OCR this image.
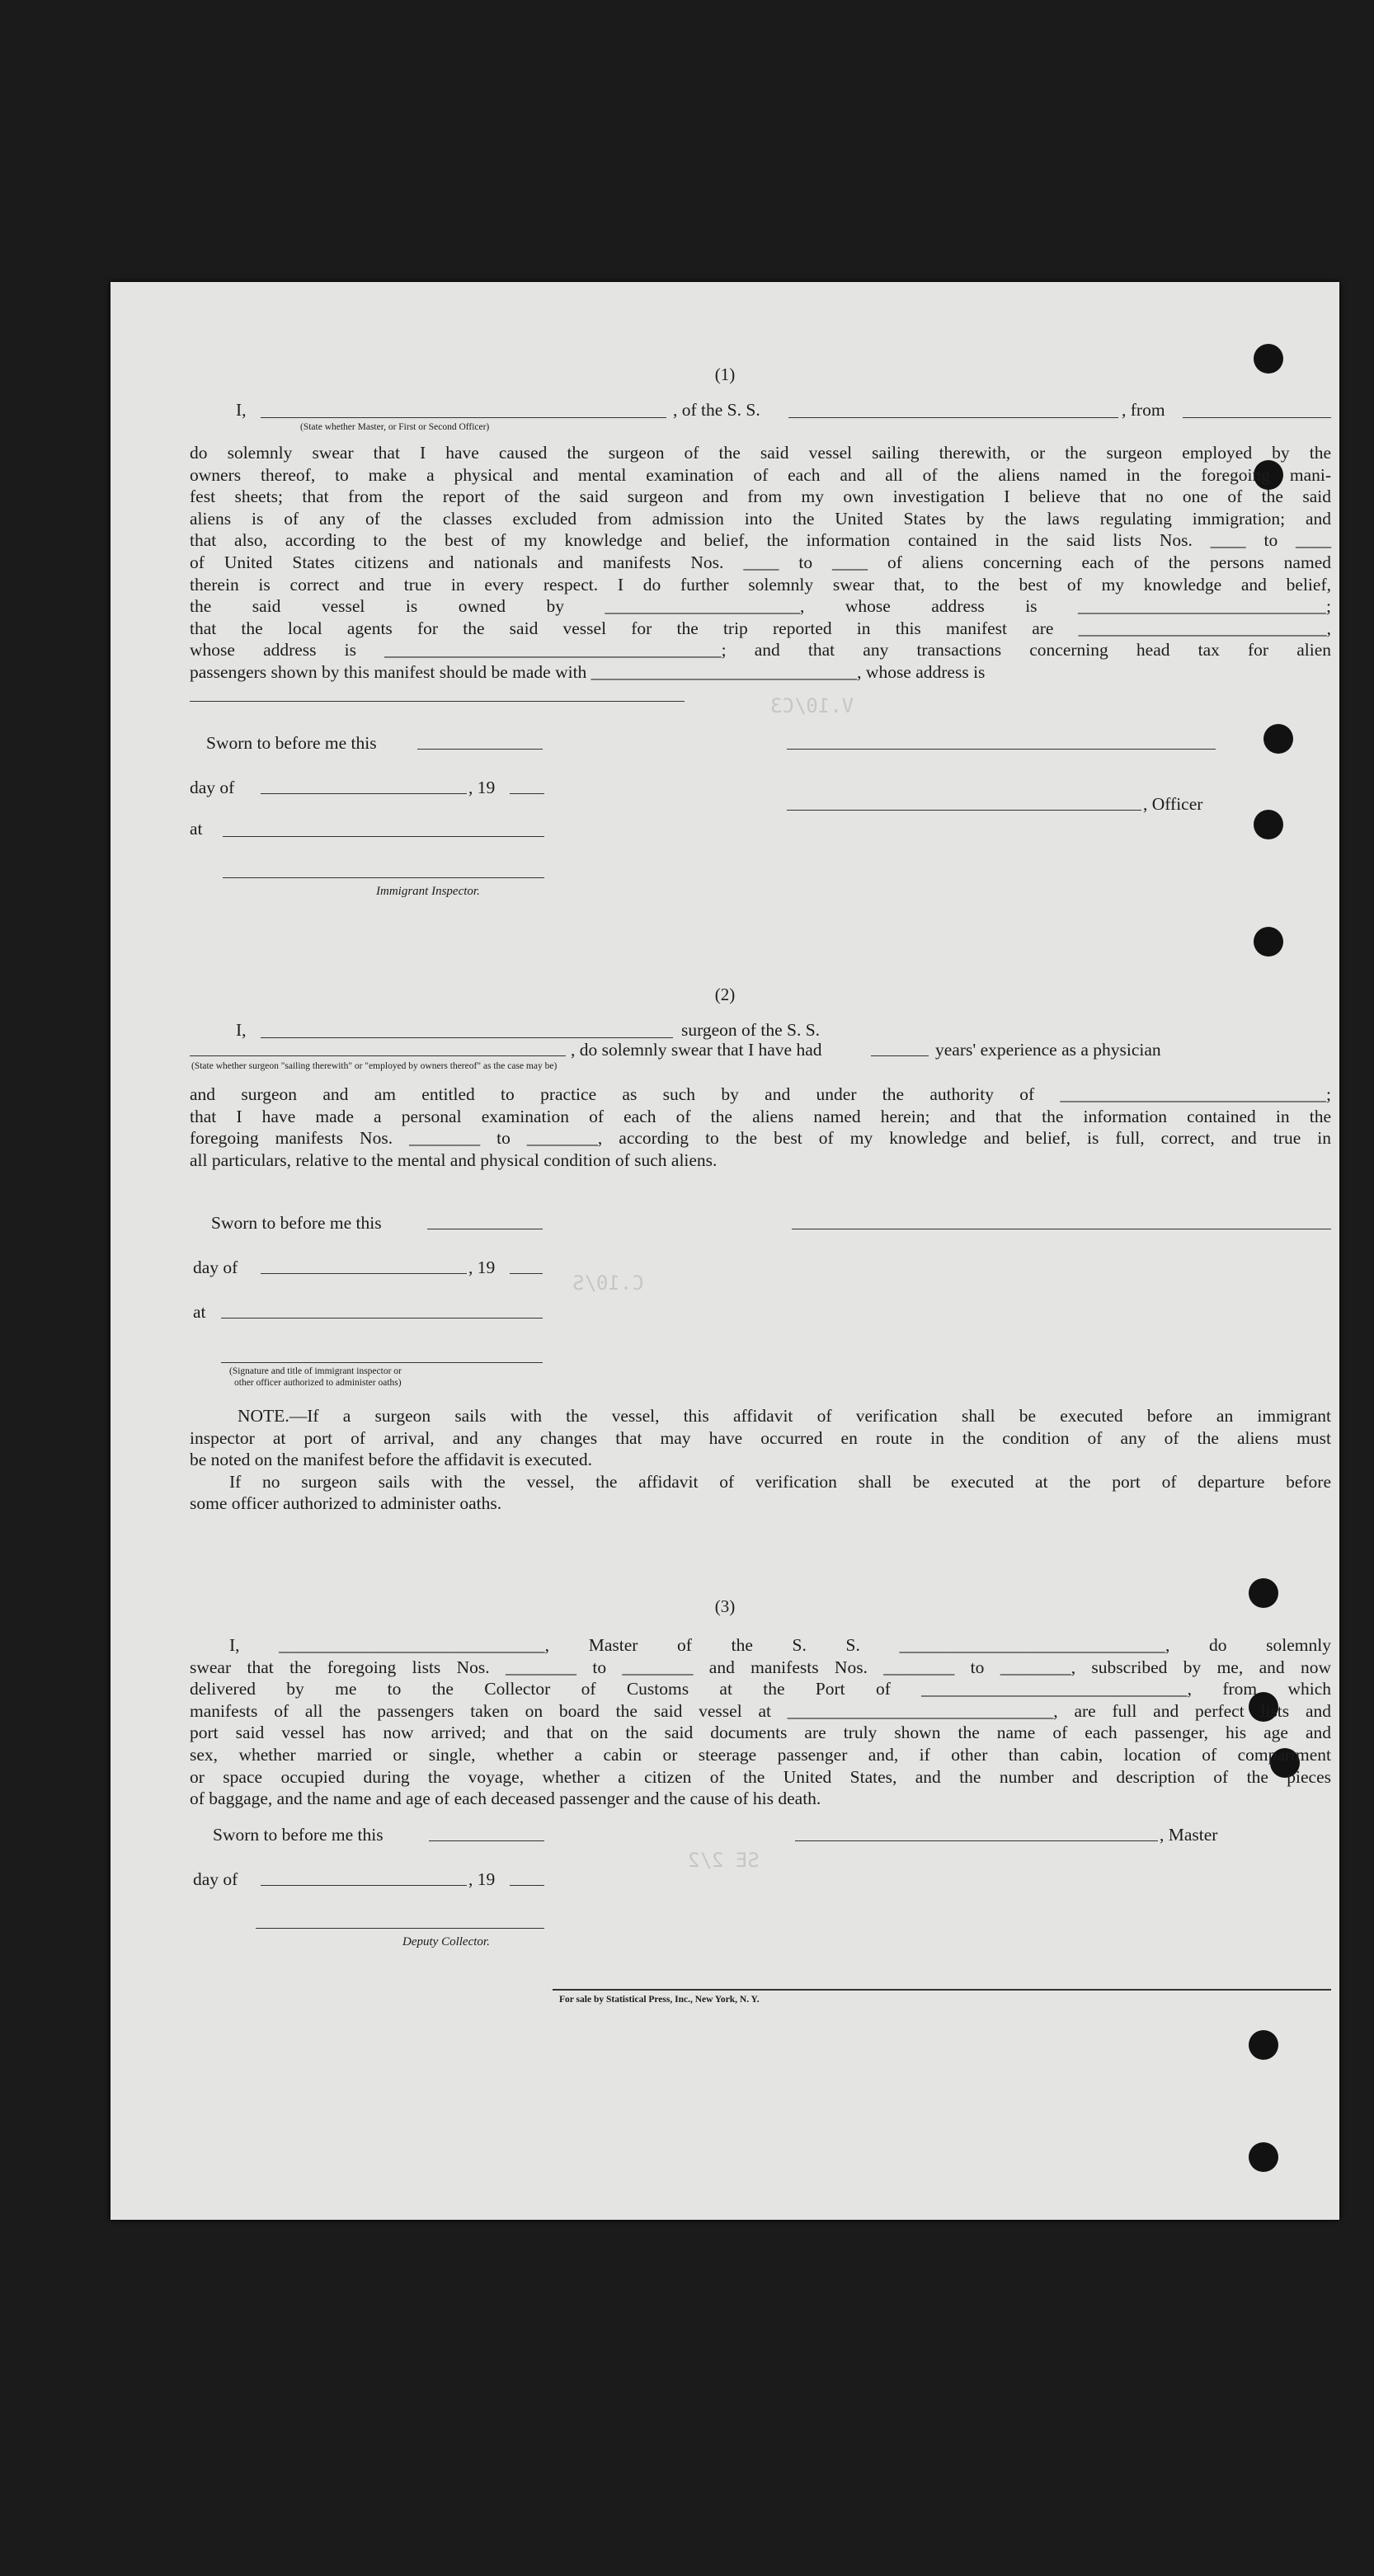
V.10/C3
C.10/S
SE 2/2
(1)
I,	, of the S. S.	, from
(State whether Master, or First or Second Officer)

do solemnly swear that I have caused the surgeon of the said vessel sailing therewith, or the surgeon employed by the

owners thereof, to make a physical and mental examination of each and all of the aliens named in the foregoing mani-

fest sheets; that from the report of the said surgeon and from my own investigation I believe that no one of the said

aliens is of any of the classes excluded from admission into the United States by the laws regulating immigration; and

that also, according to the best of my knowledge and belief, the information contained in the said lists Nos. ____ to ____

of United States citizens and nationals and manifests Nos. ____ to ____ of aliens concerning each of the persons named

therein is correct and true in every respect. I do further solemnly swear that, to the best of my knowledge and belief,

the said vessel is owned by ______________________, whose address is ____________________________;

that the local agents for the said vessel for the trip reported in this manifest are ____________________________,

whose address is ______________________________________; and that any transactions concerning head tax for alien

passengers shown by this manifest should be made with ______________________________, whose address is

Sworn to before me this
day of	, 19
, Officer
at
Immigrant Inspector.
(2)
I,	surgeon of the S. S.
, do solemnly swear that I have had	years' experience as a physician
(State whether surgeon "sailing therewith" or "employed by owners thereof" as the case may be)

and surgeon and am entitled to practice as such by and under the authority of ______________________________;

that I have made a personal examination of each of the aliens named herein; and that the information contained in the

foregoing manifests Nos. ________ to ________, according to the best of my knowledge and belief, is full, correct, and true in

all particulars, relative to the mental and physical condition of such aliens.

Sworn to before me this
day of	, 19
at
(Signature and title of immigrant inspector or
other officer authorized to administer oaths)

NOTE.—If a surgeon sails with the vessel, this affidavit of verification shall be executed before an immigrant

inspector at port of arrival, and any changes that may have occurred en route in the condition of any of the aliens must

be noted on the manifest before the affidavit is executed.

If no surgeon sails with the vessel, the affidavit of verification shall be executed at the port of departure before

some officer authorized to administer oaths.

(3)

I, ______________________________, Master of the S. S. ______________________________, do solemnly

swear that the foregoing lists Nos. ________ to ________ and manifests Nos. ________ to ________, subscribed by me, and now

delivered by me to the Collector of Customs at the Port of ______________________________, from which

manifests of all the passengers taken on board the said vessel at ______________________________, are full and perfect lists and

port said vessel has now arrived; and that on the said documents are truly shown the name of each passenger, his age and

sex, whether married or single, whether a cabin or steerage passenger and, if other than cabin, location of compartment

or space occupied during the voyage, whether a citizen of the United States, and the number and description of the pieces

of baggage, and the name and age of each deceased passenger and the cause of his death.

Sworn to before me this	, Master
day of	, 19
Deputy Collector.
For sale by Statistical Press, Inc., New York, N. Y.
